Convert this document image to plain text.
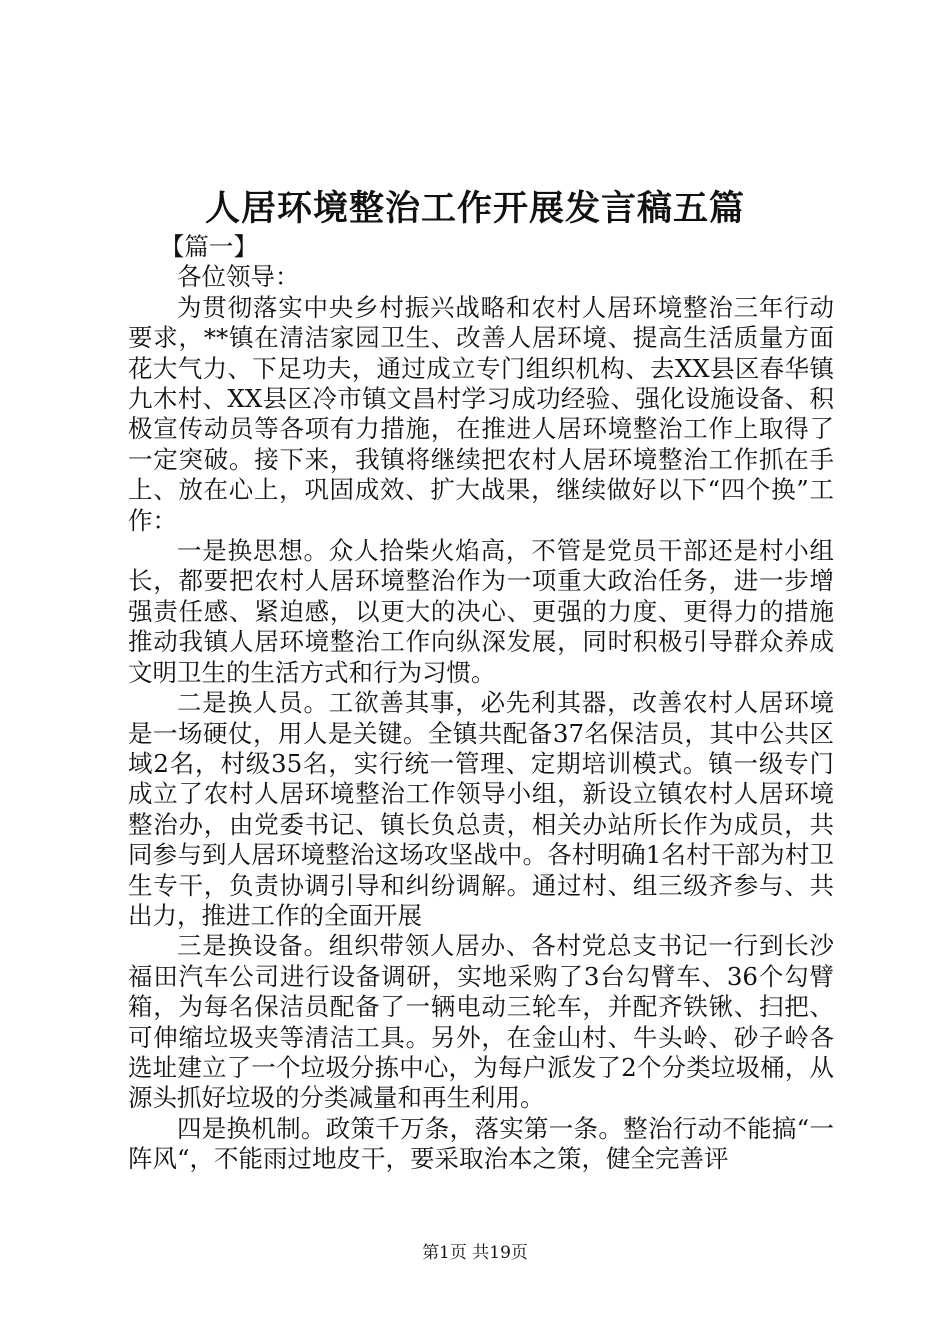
人居环境整治工作开展发言稿五篇

【篇一】

各位领导：

为贯彻落实中央乡村振兴战略和农村人居环境整治三年行动要求，**镇在清洁家园卫生、改善人居环境、提高生活质量方面花大气力、下足功夫，通过成立专门组织机构、去XX县区春华镇九木村、XX县区冷市镇文昌村学习成功经验、强化设施设备、积极宣传动员等各项有力措施，在推进人居环境整治工作上取得了一定突破。接下来，我镇将继续把农村人居环境整治工作抓在手上、放在心上，巩固成效、扩大战果，继续做好以下“四个换”工作：

一是换思想。众人拾柴火焰高，不管是党员干部还是村小组长，都要把农村人居环境整治作为一项重大政治任务，进一步增强责任感、紧迫感，以更大的决心、更强的力度、更得力的措施推动我镇人居环境整治工作向纵深发展，同时积极引导群众养成文明卫生的生活方式和行为习惯。

二是换人员。工欲善其事，必先利其器，改善农村人居环境是一场硬仗，用人是关键。全镇共配备37名保洁员，其中公共区域2名，村级35名，实行统一管理、定期培训模式。镇一级专门成立了农村人居环境整治工作领导小组，新设立镇农村人居环境整治办，由党委书记、镇长负总责，相关办站所长作为成员，共同参与到人居环境整治这场攻坚战中。各村明确1名村干部为村卫生专干，负责协调引导和纠纷调解。通过村、组三级齐参与、共出力，推进工作的全面开展

三是换设备。组织带领人居办、各村党总支书记一行到长沙福田汽车公司进行设备调研，实地采购了3台勾臂车、36个勾臂箱，为每名保洁员配备了一辆电动三轮车，并配齐铁锹、扫把、可伸缩垃圾夹等清洁工具。另外，在金山村、牛头岭、砂子岭各选址建立了一个垃圾分拣中心，为每户派发了2个分类垃圾桶，从源头抓好垃圾的分类减量和再生利用。

四是换机制。政策千万条，落实第一条。整治行动不能搞“一阵风“，不能雨过地皮干，要采取治本之策，健全完善评

第1页 共19页
